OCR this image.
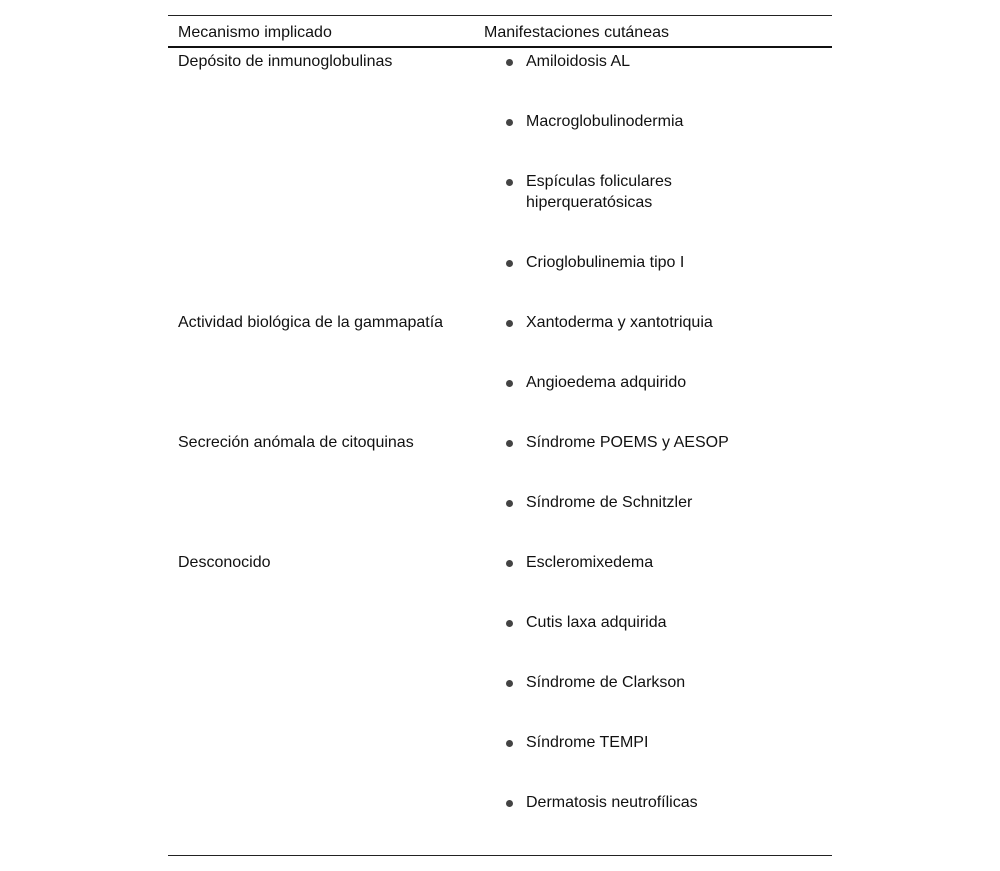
Mecanismo implicado	Manifestaciones cutáneas
Depósito de inmunoglobulinas	Amiloidosis AL
Macroglobulinodermia
Espículas foliculares hiperqueratósicas
Crioglobulinemia tipo I
Actividad biológica de la gammapatía	Xantoderma y xantotriquia
Angioedema adquirido
Secreción anómala de citoquinas	Síndrome POEMS y AESOP
Síndrome de Schnitzler
Desconocido	Escleromixedema
Cutis laxa adquirida
Síndrome de Clarkson
Síndrome TEMPI
Dermatosis neutrofílicas
